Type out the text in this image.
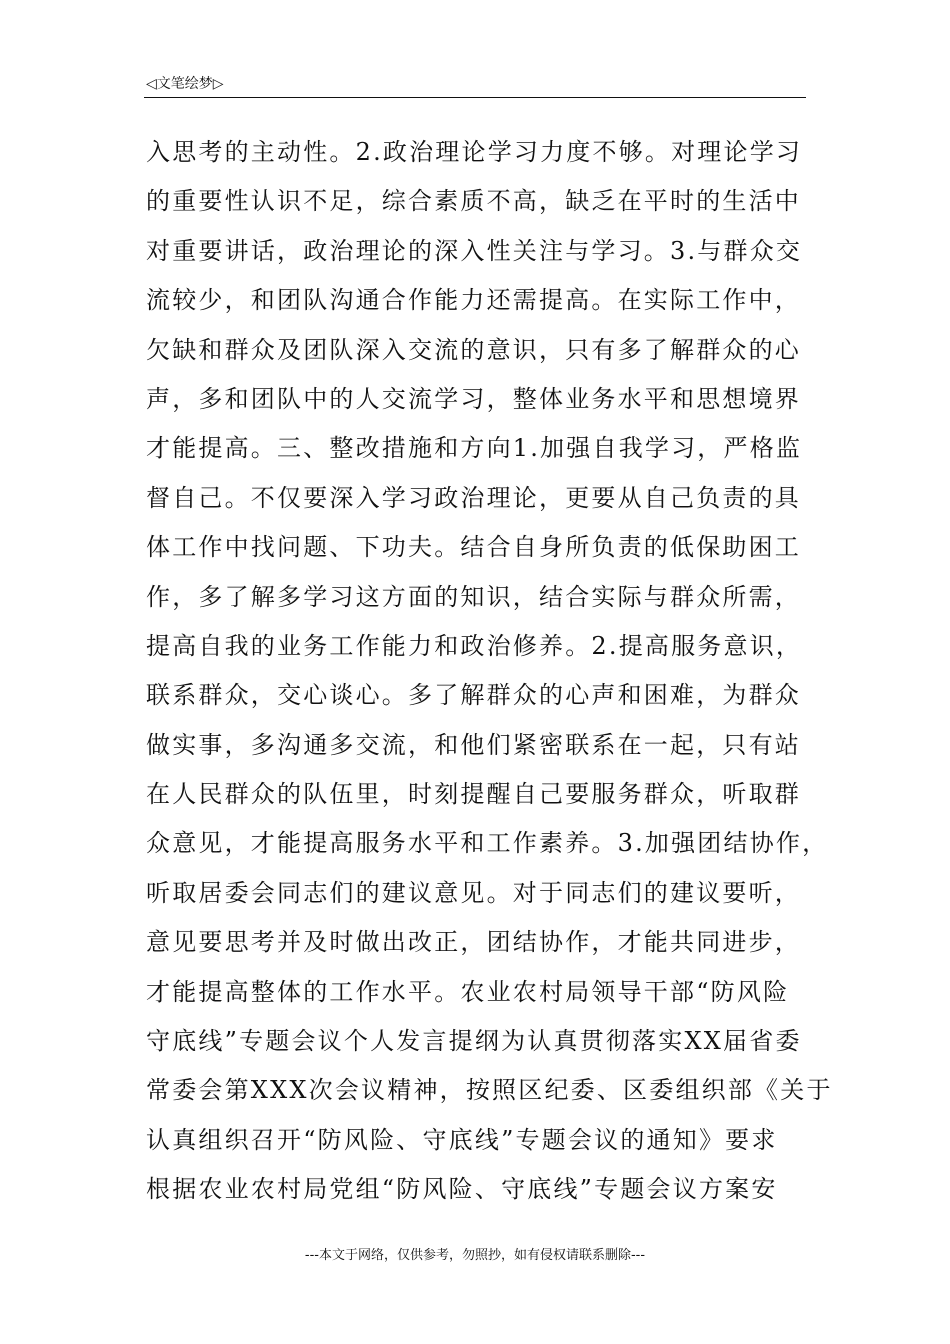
◁文笔绘梦▷
入思考的主动性。2.政治理论学习力度不够。对理论学习
的重要性认识不足，综合素质不高，缺乏在平时的生活中
对重要讲话，政治理论的深入性关注与学习。3.与群众交
流较少，和团队沟通合作能力还需提高。在实际工作中，
欠缺和群众及团队深入交流的意识，只有多了解群众的心
声，多和团队中的人交流学习，整体业务水平和思想境界
才能提高。三、整改措施和方向1.加强自我学习，严格监
督自己。不仅要深入学习政治理论，更要从自己负责的具
体工作中找问题、下功夫。结合自身所负责的低保助困工
作，多了解多学习这方面的知识，结合实际与群众所需，
提高自我的业务工作能力和政治修养。2.提高服务意识，
联系群众，交心谈心。多了解群众的心声和困难，为群众
做实事，多沟通多交流，和他们紧密联系在一起，只有站
在人民群众的队伍里，时刻提醒自己要服务群众，听取群
众意见，才能提高服务水平和工作素养。3.加强团结协作，
听取居委会同志们的建议意见。对于同志们的建议要听，
意见要思考并及时做出改正，团结协作，才能共同进步，
才能提高整体的工作水平。农业农村局领导干部“防风险
守底线”专题会议个人发言提纲为认真贯彻落实XX届省委
常委会第XXX次会议精神，按照区纪委、区委组织部《关于
认真组织召开“防风险、守底线”专题会议的通知》要求
根据农业农村局党组“防风险、守底线”专题会议方案安
---本文于网络，仅供参考，勿照抄，如有侵权请联系删除---
